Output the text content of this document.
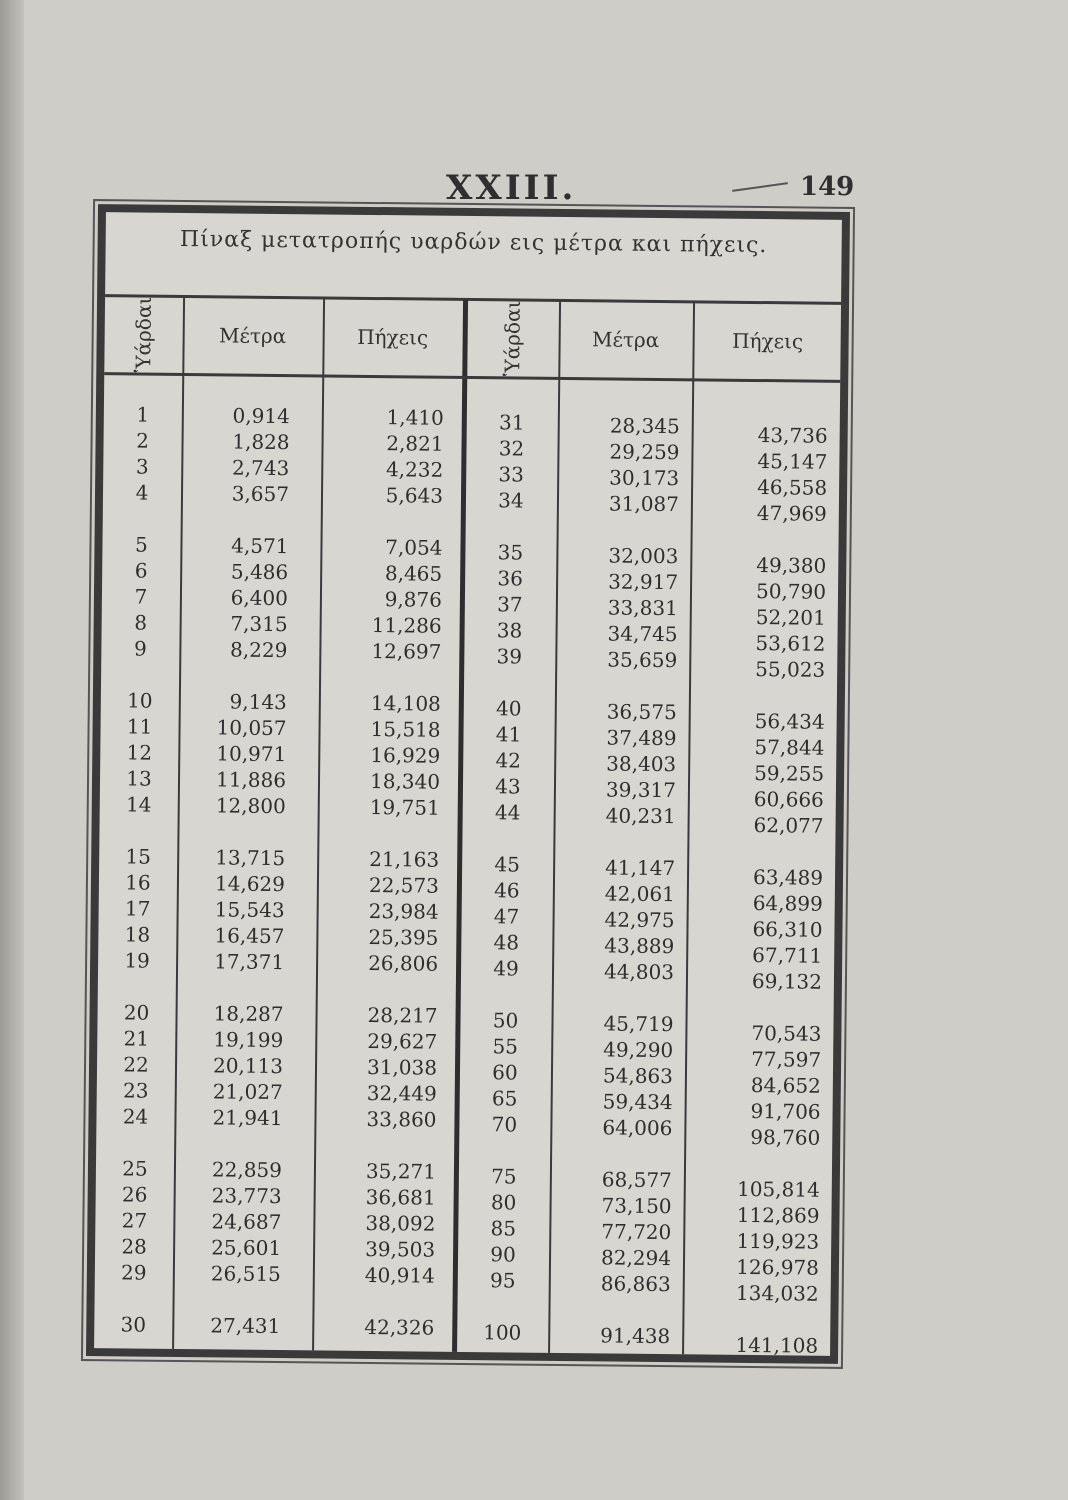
XXIII.	149
Πίναξ μετατροπής υαρδών εις μέτρα και πήχεις.
Ὑάρδαι	Μέτρα	Πήχεις	Ὑάρδαι	Μέτρα	Πήχεις
1	0,914	1,410
2	1,828	2,821
3	2,743	4,232
4	3,657	5,643
5	4,571	7,054
6	5,486	8,465
7	6,400	9,876
8	7,315	11,286
9	8,229	12,697
10	9,143	14,108
11	10,057	15,518
12	10,971	16,929
13	11,886	18,340
14	12,800	19,751
15	13,715	21,163
16	14,629	22,573
17	15,543	23,984
18	16,457	25,395
19	17,371	26,806
20	18,287	28,217
21	19,199	29,627
22	20,113	31,038
23	21,027	32,449
24	21,941	33,860
25	22,859	35,271
26	23,773	36,681
27	24,687	38,092
28	25,601	39,503
29	26,515	40,914
30	27,431	42,326
31	28,345	43,736
32	29,259	45,147
33	30,173	46,558
34	31,087	47,969
35	32,003	49,380
36	32,917	50,790
37	33,831	52,201
38	34,745	53,612
39	35,659	55,023
40	36,575	56,434
41	37,489	57,844
42	38,403	59,255
43	39,317	60,666
44	40,231	62,077
45	41,147	63,489
46	42,061	64,899
47	42,975	66,310
48	43,889	67,711
49	44,803	69,132
50	45,719	70,543
55	49,290	77,597
60	54,863	84,652
65	59,434	91,706
70	64,006	98,760
75	68,577	105,814
80	73,150	112,869
85	77,720	119,923
90	82,294	126,978
95	86,863	134,032
100	91,438	141,108
